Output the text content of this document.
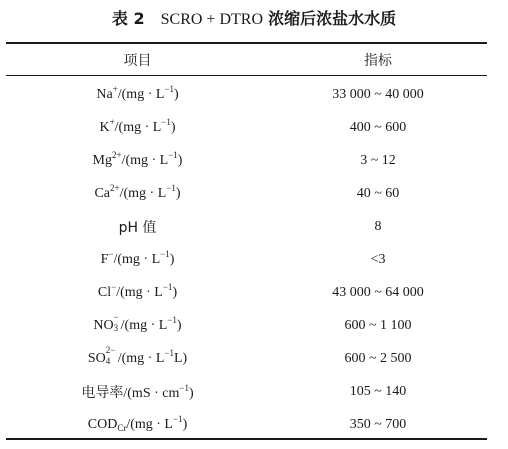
表 2　 SCRO + DTRO 浓缩后浓盐水水质
项目	指标
$Na^+/(mg \cdot L^{-1})$	33 000 ~ 40 000
$K^+/(mg \cdot L^{-1})$	400 ~ 600
$Mg^{2+}/(mg \cdot L^{-1})$	3 ~ 12
$Ca^{2+}/(mg \cdot L^{-1})$	40 ~ 60
pH 值	8
$F^-/(mg \cdot L^{-1})$	<3
$Cl^-/(mg \cdot L^{-1})$	43 000 ~ 64 000
NO
−
3 $/(mg \cdot L^{-1})$	600 ~ 1 100
SO
2−
4 $/(mg \cdot L^{-1}L)$	600 ~ 2 500
电导率$/(mS \cdot cm^{-1})$	105 ~ 140
$COD_{Cr}/(mg \cdot L^{-1})$	350 ~ 700
